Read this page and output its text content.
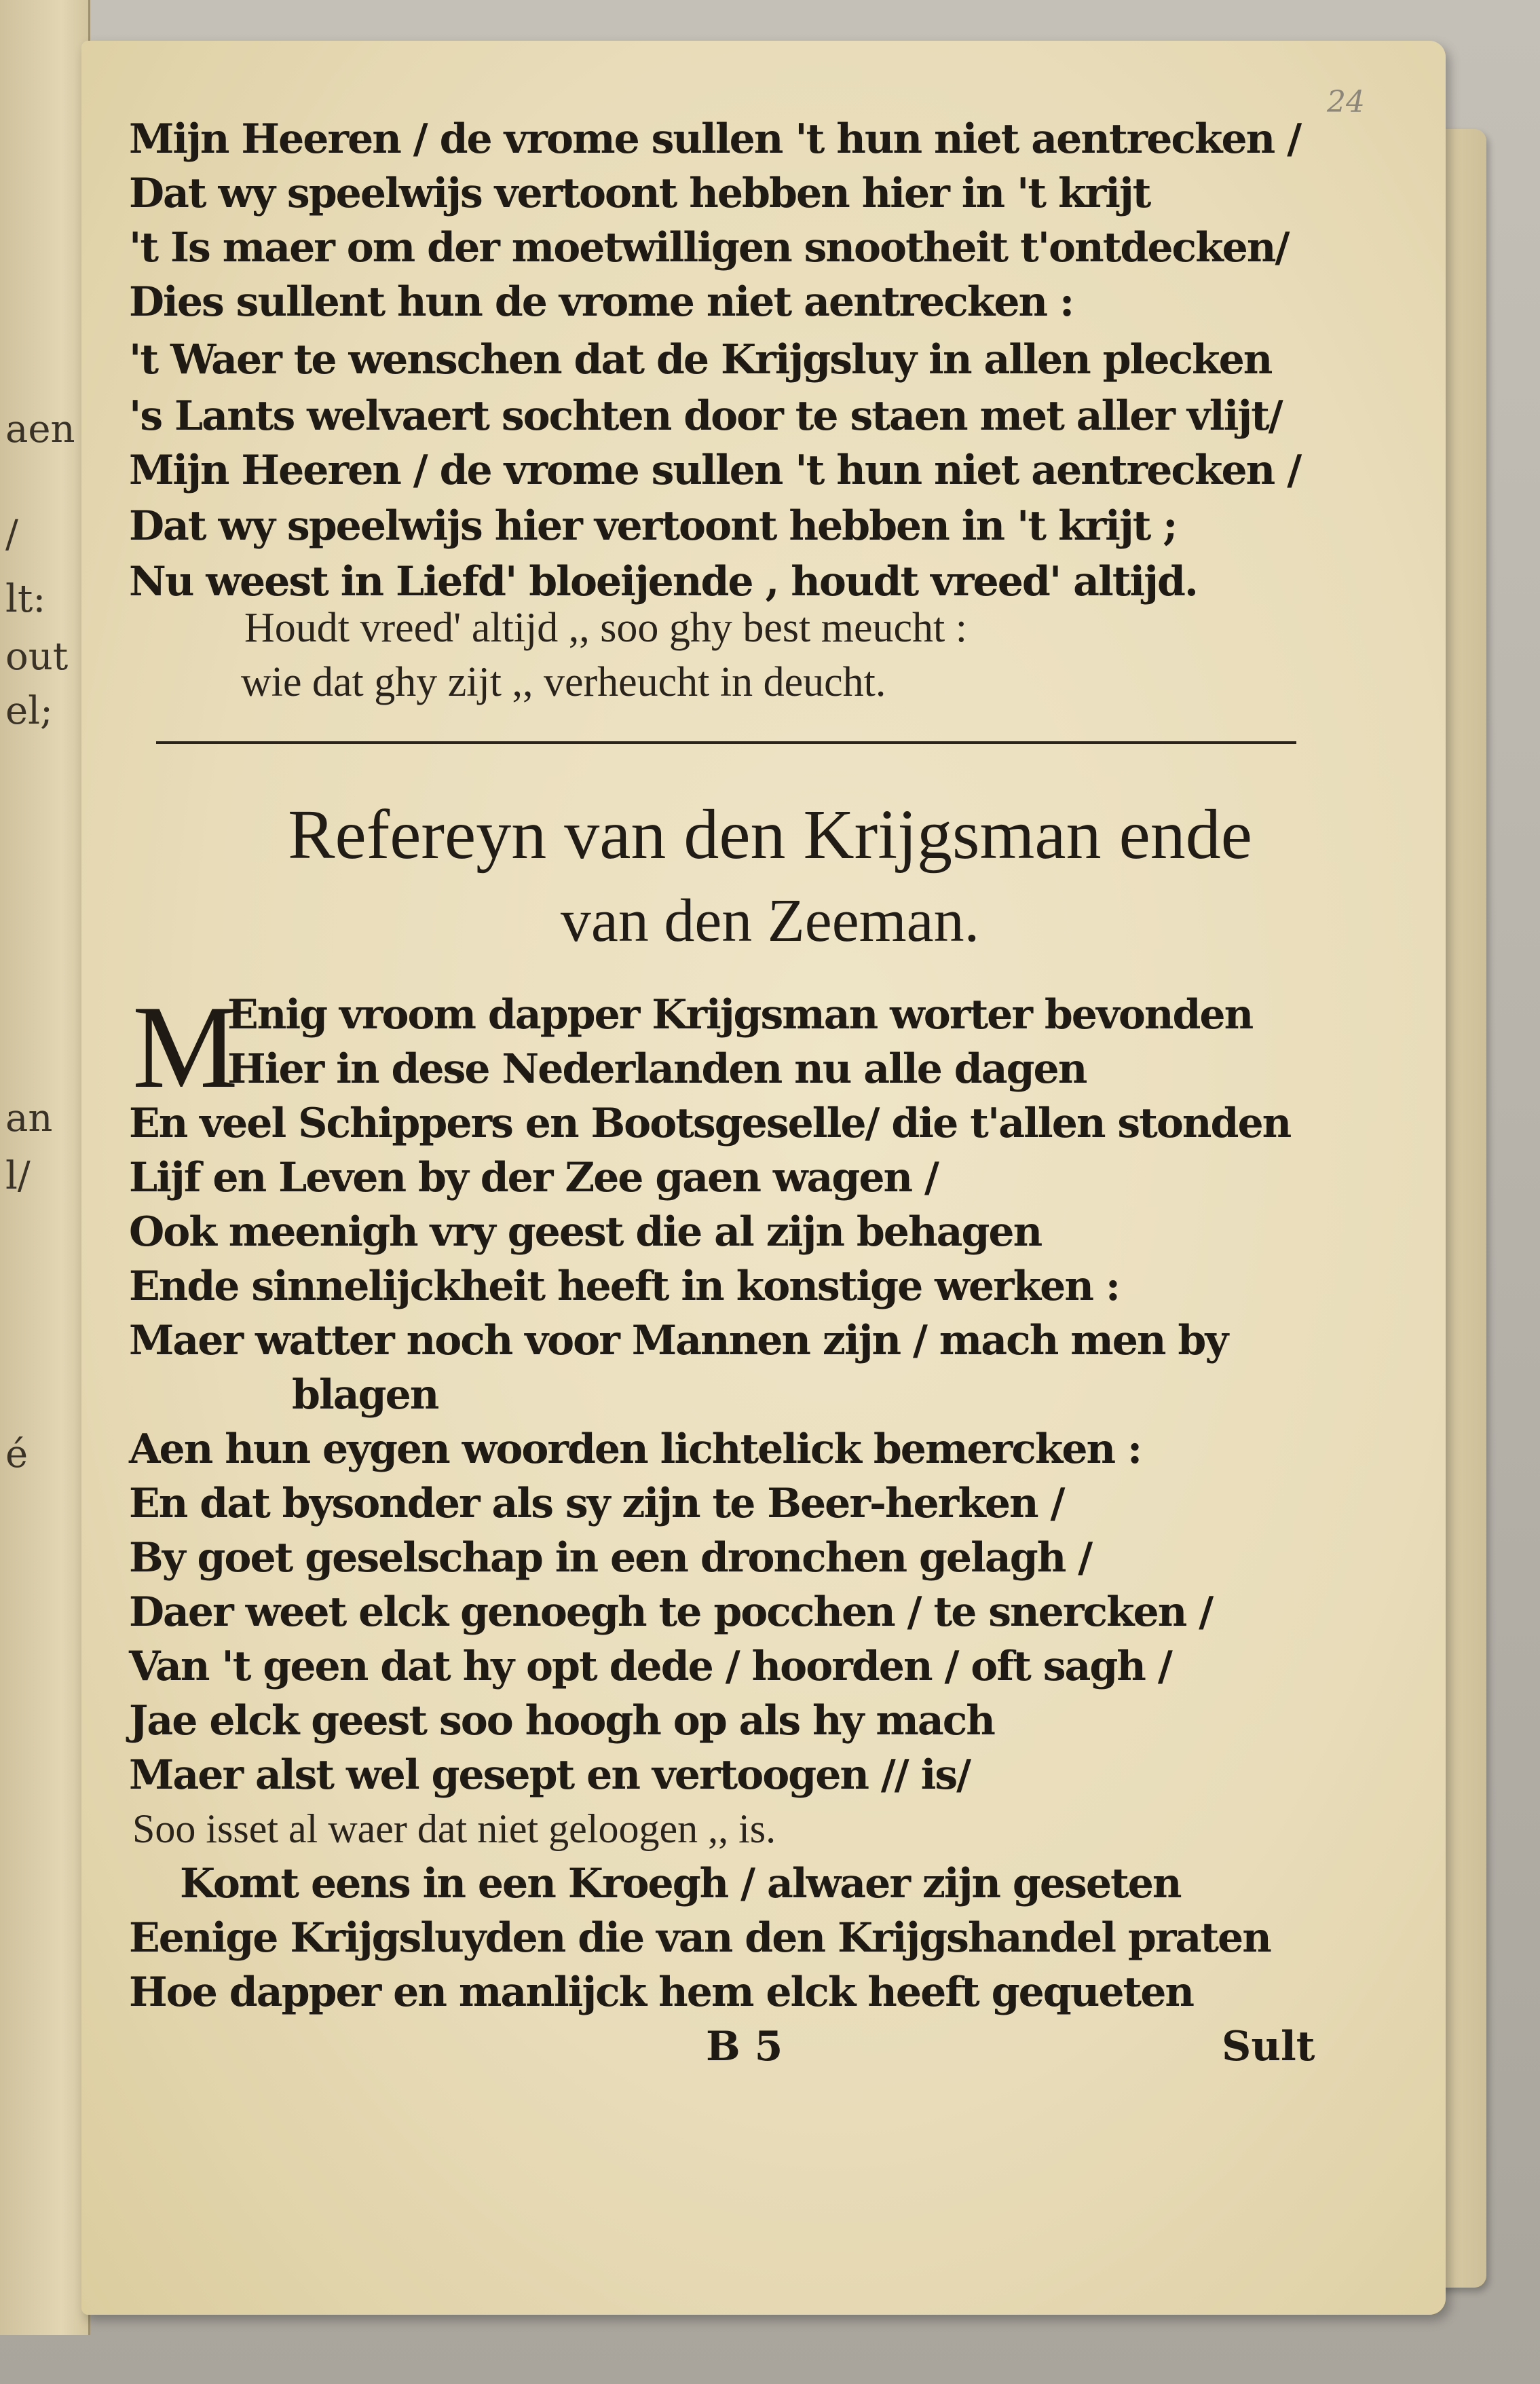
aen
/
lt:
out
el;
an
l/
é
24
Mijn Heeren / de vrome sullen 't hun niet aentrecken /
Dat wy speelwijs vertoont hebben hier in 't krijt
't Is maer om der moetwilligen snootheit t'ontdecken/
Dies sullent hun de vrome niet aentrecken :
't Waer te wenschen dat de Krijgsluy in allen plecken
's Lants welvaert sochten door te staen met aller vlijt/
Mijn Heeren / de vrome sullen 't hun niet aentrecken /
Dat wy speelwijs hier vertoont hebben in 't krijt ;
Nu weest in Liefd' bloeijende , houdt vreed' altijd.
Houdt vreed' altijd ,, soo ghy best meucht :
wie dat ghy zijt ,, verheucht in deucht.
Refereyn van den Krijgsman ende
van den Zeeman.
M
Enig vroom dapper Krijgsman worter bevonden
Hier in dese Nederlanden nu alle dagen
En veel Schippers en Bootsgeselle/ die t'allen stonden
Lijf en Leven by der Zee gaen wagen /
Ook meenigh vry geest die al zijn behagen
Ende sinnelijckheit heeft in konstige werken :
Maer watter noch voor Mannen zijn / mach men by
blagen
Aen hun eygen woorden lichtelick bemercken :
En dat bysonder als sy zijn te Beer-herken /
By goet geselschap in een dronchen gelagh /
Daer weet elck genoegh te pocchen / te snercken /
Van 't geen dat hy opt dede / hoorden / oft sagh /
Jae elck geest soo hoogh op als hy mach
Maer alst wel gesept en vertoogen // is/
Soo isset al waer dat niet geloogen ,, is.
Komt eens in een Kroegh / alwaer zijn geseten
Eenige Krijgsluyden die van den Krijgshandel praten
Hoe dapper en manlijck hem elck heeft gequeten
B 5	Sult
